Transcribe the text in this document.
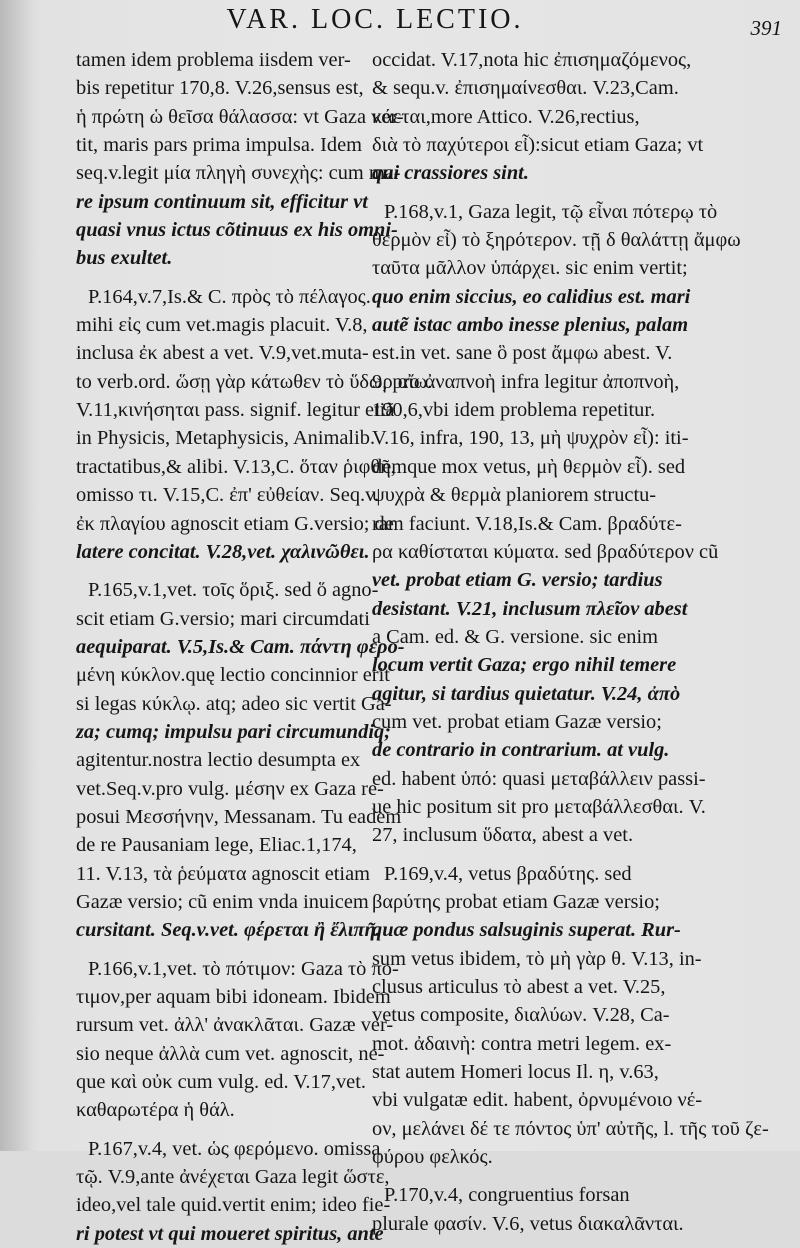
VAR. LOC. LECTIO.	391
tamen idem problema iisdem ver-
bis repetitur 170,8. V.26,sensus est,
ἡ πρώτη ὡ θεῖσα θάλασσα: vt Gaza ver-
tit, maris pars prima impulsa. Idem
seq.v.legit μία πληγὴ συνεχὴς: cum ma-
re ipsum continuum sit, efficitur vt
quasi vnus ictus cõtinuus ex his omni-
bus exultet.
P.164,v.7,Is.& C. πρὸς τὸ πέλαγος.
mihi εἰς cum vet.magis placuit. V.8,
inclusa ἐκ abest a vet. V.9,vet.muta-
to verb.ord. ὥσῃ γὰρ κάτωθεν τὸ ὕδωρ αἴω.
V.11,κινήσηται pass. signif. legitur etiã
in Physicis, Metaphysicis, Animalib.
tractatibus,& alibi. V.13,C. ὅταν ῥιφθῆ,
omisso τι. V.15,C. ἐπ' εὐθείαν. Seq.v.
ἐκ πλαγίου agnoscit etiam G.versio; de
latere concitat. V.28,vet. χαλινῶθει.
P.165,v.1,vet. τοῖς ὅριξ. sed ὅ agno-
scit etiam G.versio; mari circumdati
aequiparat. V.5,Is.& Cam. πάντη φερο-
μένη κύκλον.quę lectio concinnior erit
si legas κύκλῳ. atq; adeo sic vertit Ga-
za; cumq; impulsu pari circumundiq;
agitentur.nostra lectio desumpta ex
vet.Seq.v.pro vulg. μέσην ex Gaza re-
posui Μεσσήνην, Messanam. Tu eadem
de re Pausaniam lege, Eliac.1,174,
11. V.13, τὰ ῥεύματα agnoscit etiam
Gazæ versio; cũ enim vnda inuicem
cursitant. Seq.v.vet. φέρεται ἢ ἔλιπῆ.
P.166,v.1,vet. τὸ πότιμον: Gaza τὸ πο-
τιμον,per aquam bibi idoneam. Ibidem
rursum vet. ἀλλ' ἀνακλᾶται. Gazæ ver-
sio neque ἀλλὰ cum vet. agnoscit, ne-
que καὶ οὐκ cum vulg. ed. V.17,vet.
καθαρωτέρα ἡ θάλ.
P.167,v.4, vet. ὡς φερόμενο. omissa
τῷ. V.9,ante ἀνέχεται Gaza legit ὥστε,
ideo,vel tale quid.vertit enim; ideo fie-
ri potest vt qui moueret spiritus, ante
occidat. V.17,nota hic ἐπισημαζόμενος,
& sequ.v. ἐπισημαίνεσθαι. V.23,Cam.
κάεται,more Attico. V.26,rectius,
διὰ τὸ παχύτεροι εἶ):sicut etiam Gaza; vt
qui crassiores sint.
P.168,v.1, Gaza legit, τῷ εἶναι πότερῳ τὸ
θερμὸν εἶ) τὸ ξηρότερον. τῇ δ θαλάττῃ ἄμφω
ταῦτα μᾶλλον ὑπάρχει. sic enim vertit;
quo enim siccius, eo calidius est. mari
autẽ istac ambo inesse plenius, palam
est.in vet. sane ὃ post ἄμφω abest. V.
9, pro ἀναπνοὴ infra legitur ἀποπνοὴ,
190,6,vbi idem problema repetitur.
V.16, infra, 190, 13, μὴ ψυχρὸν εἶ): iti-
demque mox vetus, μὴ θερμὸν εἶ). sed
ψυχρὰ & θερμὰ planiorem structu-
ram faciunt. V.18,Is.& Cam. βραδύτε-
ρα καθίσταται κύματα. sed βραδύτερον cũ
vet. probat etiam G. versio; tardius
desistant. V.21, inclusum πλεῖον abest
a Cam. ed. & G. versione. sic enim
locum vertit Gaza; ergo nihil temere
agitur, si tardius quietatur. V.24, ἀπὸ
cum vet. probat etiam Gazæ versio;
de contrario in contrarium. at vulg.
ed. habent ὑπό: quasi μεταβάλλειν passi-
ue hic positum sit pro μεταβάλλεσθαι. V.
27, inclusum ὕδατα, abest a vet.
P.169,v.4, vetus βραδύτης. sed
βαρύτης probat etiam Gazæ versio;
quæ pondus salsuginis superat. Rur-
sum vetus ibidem, τὸ μὴ γὰρ θ. V.13, in-
clusus articulus τὸ abest a vet. V.25,
vetus composite, διαλύων. V.28, Ca-
mot. ἀδαινὴ: contra metri legem. ex-
stat autem Homeri locus Il. η, v.63,
vbi vulgatæ edit. habent, ὀρνυμένοιο νέ-
ον, μελάνει δέ τε πόντος ὑπ' αὐτῆς, l. τῆς τοῦ ζε-
φύρου φελκός.
P.170,v.4, congruentius forsan
plurale φασίν. V.6, vetus διακαλᾶνται.
